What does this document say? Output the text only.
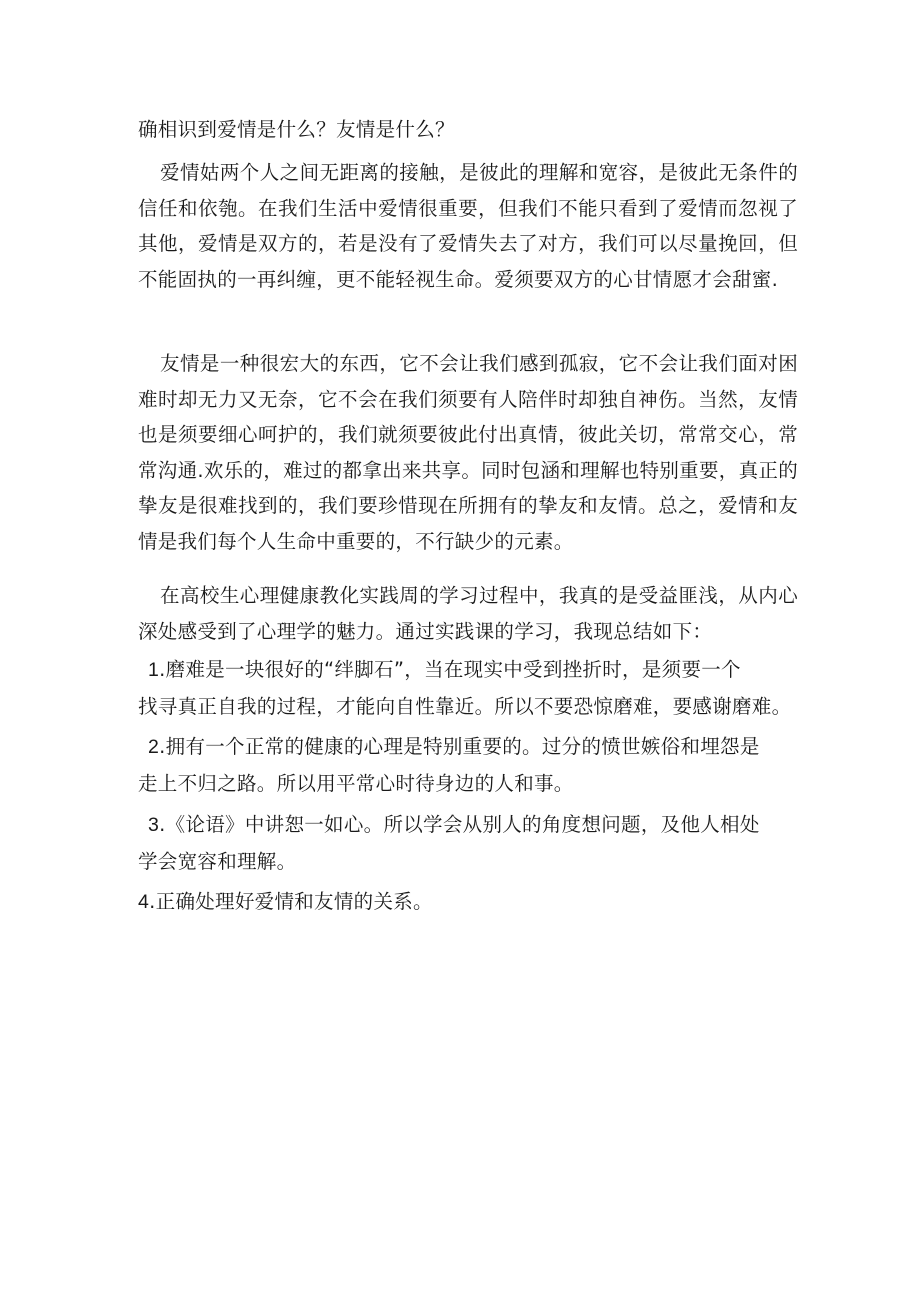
确相识到爱情是什么？友情是什么？

爱情姑两个人之间无距离的接触，是彼此的理解和宽容，是彼此无条件的信任和依匏。在我们生活中爱情很重要，但我们不能只看到了爱情而忽视了其他，爱情是双方的，若是没有了爱情失去了对方，我们可以尽量挽回，但不能固执的一再纠缠，更不能轻视生命。爱须要双方的心甘情愿才会甜蜜.

友情是一种很宏大的东西，它不会让我们感到孤寂，它不会让我们面对困难时却无力又无奈，它不会在我们须要有人陪伴时却独自神伤。当然，友情也是须要细心呵护的，我们就须要彼此付出真情，彼此关切，常常交心，常常沟通.欢乐的，难过的都拿出来共享。同时包涵和理解也特别重要，真正的挚友是很难找到的，我们要珍惜现在所拥有的挚友和友情。总之，爱情和友情是我们每个人生命中重要的，不行缺少的元素。

在高校生心理健康教化实践周的学习过程中，我真的是受益匪浅，从内心深处感受到了心理学的魅力。通过实践课的学习，我现总结如下：

1.磨难是一块很好的“绊脚石”，当在现实中受到挫折时，是须要一个
找寻真正自我的过程，才能向自性靠近。所以不要恐惊磨难，要感谢磨难。
2.拥有一个正常的健康的心理是特别重要的。过分的愤世嫉俗和埋怨是
走上不归之路。所以用平常心时待身边的人和事。
3.《论语》中讲恕一如心。所以学会从别人的角度想问题，及他人相处
学会宽容和理解。
4.正确处理好爱情和友情的关系。
